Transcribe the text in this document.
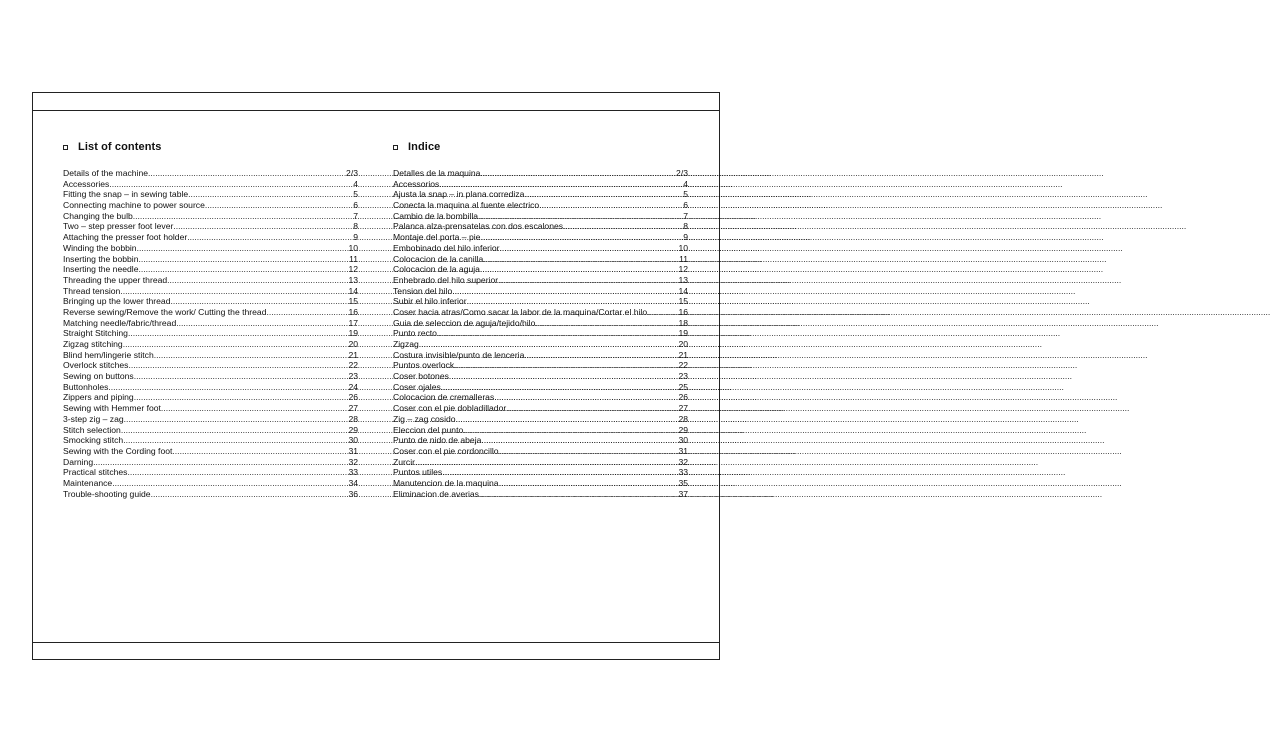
List of contents
Details of the machine .....	2/3
Accessories .....	4
Fitting the snap – in sewing table .....	5
Connecting machine to power source .....	6
Changing the bulb .....	7
Two – step presser foot lever .....	8
Attaching the presser foot holder .....	9
Winding the bobbin .....	10
Inserting the bobbin .....	11
Inserting the needle .....	12
Threading the upper thread .....	13
Thread tension .....	14
Bringing up the lower thread .....	15
Reverse sewing/Remove the work/ Cutting the thread .....	16
Matching needle/fabric/thread .....	17
Straight Stitching .....	19
Zigzag stitching .....	20
Blind hem/lingerie stitch .....	21
Overlock stitches .....	22
Sewing on buttons .....	23
Buttonholes .....	24
Zippers and piping .....	26
Sewing with Hemmer foot .....	27
3-step zig – zag .....	28
Stitch selection .....	29
Smocking stitch .....	30
Sewing with the Cording foot .....	31
Darning .....	32
Practical stitches .....	33
Maintenance .....	34
Trouble-shooting guide .....	36
Indice
Detalles de la maquina .....	2/3
Accessorios .....	4
Ajusta la snap – in plana corrediza .....	5
Conecta la maquina al fuente electrico .....	6
Cambio de la bombilla .....	7
Palanca alza-prensatelas con dos escalones .....	8
Montaje del porta – pie .....	9
Embobinado del hilo inferior .....	10
Colocacion de la canilla .....	11
Colocacion de la aguja .....	12
Enhebrado del hilo superior .....	13
Tension del hilo .....	14
Subir el hilo inferior .....	15
Coser hacia atras/Como sacar la labor de la maquina/Cortar el hilo .....	16
Guia de seleccion de aguja/tejido/hilo .....	18
Punto recto .....	19
Zigzag .....	20
Costura invisible/punto de lenceria .....	21
Puntos overlock .....	22
Coser botones .....	23
Coser ojales .....	25
Colocacion de cremalleras .....	26
Coser con el pie dobladillador .....	27
Zig – zag cosido .....	28
Eleccion del punto .....	29
Punto de nido de abeja .....	30
Coser con el pie cordoncillo .....	31
Zurcir .....	32
Puntos utiles .....	33
Manutencion de la maquina .....	35
Eliminacion de averias .....	37
